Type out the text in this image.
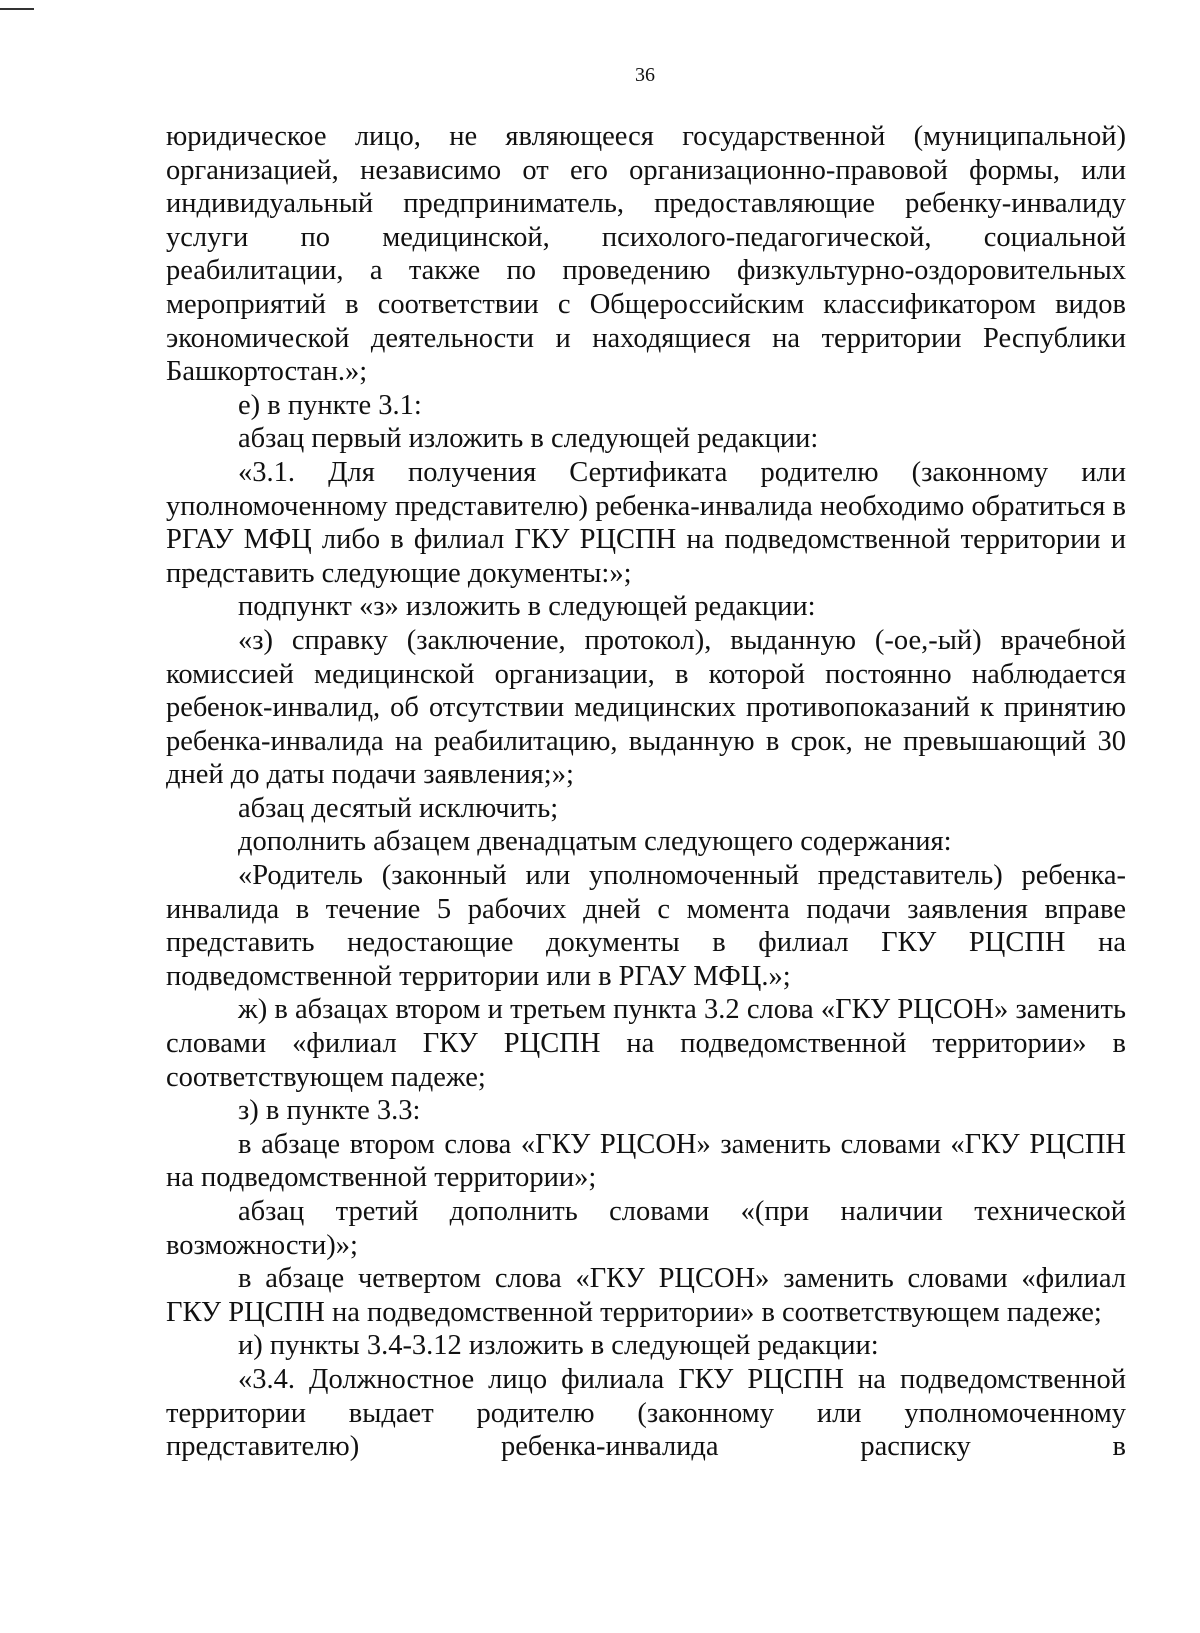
36

юридическое лицо, не являющееся государственной (муниципальной) организацией, независимо от его организационно-правовой формы, или индивидуальный предприниматель, предоставляющие ребенку-инвалиду услуги по медицинской, психолого-педагогической, социальной реабилитации, а также по проведению физкультурно-оздоровительных мероприятий в соответствии с Общероссийским классификатором видов экономической деятельности и находящиеся на территории Республики Башкортостан.»;

е) в пункте 3.1:

абзац первый изложить в следующей редакции:

«3.1. Для получения Сертификата родителю (законному или уполномоченному представителю) ребенка-инвалида необходимо обратиться в РГАУ МФЦ либо в филиал ГКУ РЦСПН на подведомственной территории и представить следующие документы:»;

подпункт «з» изложить в следующей редакции:

«з) справку (заключение, протокол), выданную (-ое,-ый) врачебной комиссией медицинской организации, в которой постоянно наблюдается ребенок-инвалид, об отсутствии медицинских противопоказаний к принятию ребенка-инвалида на реабилитацию, выданную в срок, не превышающий 30 дней до даты подачи заявления;»;

абзац десятый исключить;

дополнить абзацем двенадцатым следующего содержания:

«Родитель (законный или уполномоченный представитель) ребенка-инвалида в течение 5 рабочих дней с момента подачи заявления вправе представить недостающие документы в филиал ГКУ РЦСПН на подведомственной территории или в РГАУ МФЦ.»;

ж) в абзацах втором и третьем пункта 3.2 слова «ГКУ РЦСОН» заменить словами «филиал ГКУ РЦСПН на подведомственной территории» в соответствующем падеже;

з) в пункте 3.3:

в абзаце втором слова «ГКУ РЦСОН» заменить словами «ГКУ РЦСПН на подведомственной территории»;

абзац третий дополнить словами «(при наличии технической возможности)»;

в абзаце четвертом слова «ГКУ РЦСОН» заменить словами «филиал ГКУ РЦСПН на подведомственной территории» в соответствующем падеже;

и) пункты 3.4-3.12 изложить в следующей редакции:

«3.4. Должностное лицо филиала ГКУ РЦСПН на подведомственной территории выдает родителю (законному или уполномоченному представителю) ребенка-инвалида расписку в
